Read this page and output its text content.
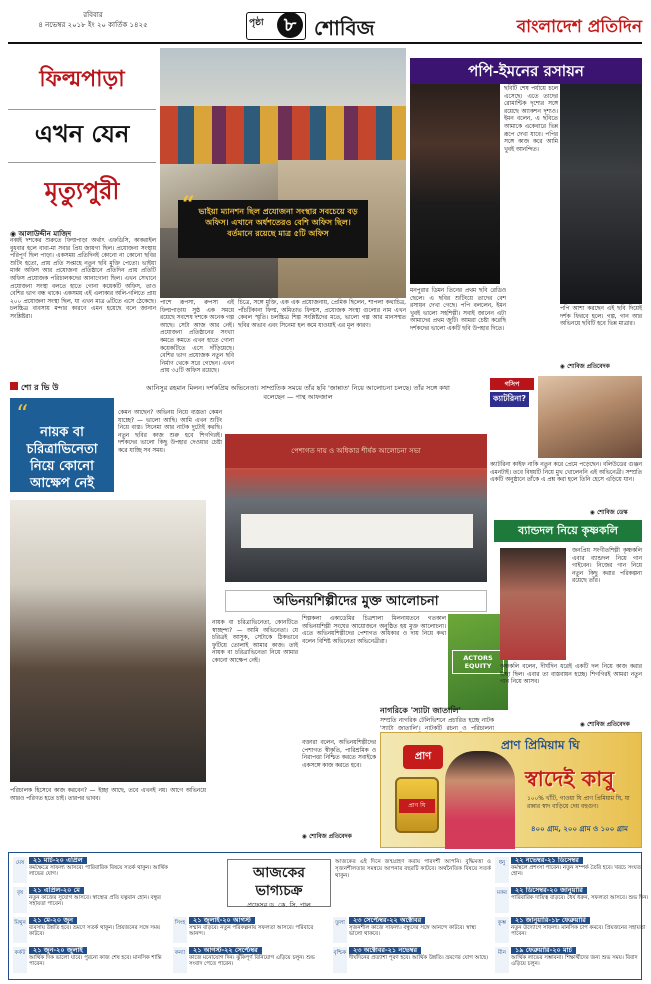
রবিবার
৪ নভেম্বর ২০১৮ ইং ২০ কার্তিক ১৪২৫	পৃষ্ঠা	৮ শোবিজ	বাংলাদেশ প্রতিদিন
ফিল্মপাড়া
এখন যেন
মৃত্যুপুরী	“ ভাইয়া ম্যানশন ছিল প্রযোজনা সংস্থার সবচেয়ে বড় অফিস। এখানে অর্ধশতেরও বেশি অফিস ছিল। বর্তমানে রয়েছে মাত্র ৫টি অফিস
◉ আলাউদ্দীন মাজিদ
নব্বই দশকের শুরুতে ফিল্মপাড়া অর্থাৎ এফডিসি, কাকরাইল বুধবার হলে বাবা-মা সবার প্রিয় জায়গা ছিল। প্রযোজনা সংস্থায় পরিপূর্ণ ছিল পাড়া। একসময় প্রতিদিনই কোনো না কোনো ছবির শুটিং হতো, প্রায় প্রতি সপ্তাহে নতুন ছবি মুক্তি পেতো। ভাইয়া মার্কা অফিস আর প্রযোজনা প্রতিষ্ঠানে প্রতিদিন প্রায় প্রতিটি অফিস প্রযোজক পরিচালকদের আনাগোনা ছিল। এখন সেখানে প্রযোজনা সংস্থা বলতে হাতে গোনা কয়েকটি অফিস, তাও বেশির ভাগ বন্ধ থাকে। একসময় এই এলাকার অলি-গলিতে প্রায় ২০০ প্রযোজনা সংস্থা ছিল, যা এখন মাত্র ৬টিতে এসে ঠেকেছে। চলচ্চিত্র ব্যবসায় মন্দার কারণে এমন হয়েছে বলে জানান সংশ্লিষ্টরা।
পাশে রূপসা, রুপসা এই ফিল্মপাড়ায় সুষ্ঠ এক সময়ে রয়েছে সবশেষ দশকে অনেক গল্প আছে। সেটা আজ আর নেই। প্রযোজনা প্রতিষ্ঠানের সংখ্যা কমতে কমতে এখন হাতে গোনা কয়েকটিতে এসে দাঁড়িয়েছে। বেশির ভাগ প্রযোজক নতুন ছবি নির্মাণ থেকে সরে গেছেন। এখন প্রায় ৩৫টি অফিস রয়েছে।
চিত্রে, সঙ্গে মুক্তি, এক এক প্রযোজনায়, প্রেমিক ছিলেন, শাপলা কথাচিত্র, পাঁচটিকানা ফিল্ম, অমিতাভ ফিল্মস, প্রযোজক সংস্থা গুলোর নাম এখন কেবল স্মৃতি। চলচ্চিত্র শিল্প সংশ্লিষ্টদের মতে, ভালো গল্প আর মানসম্মত ছবির অভাব এবং সিনেমা হল কমে যাওয়াই এর মূল কারণ।
পপি-ইমনের রসায়ন
মনপুরার ডিমন তিনের প্রথম ছবি রেডিও ছেলে। এ ছবির শুটিংয়ে তাদের বেশ রসায়ন দেখা গেছে। পপি বললেন, ইমন খুবই ভালো সহশিল্পী। সবাই জানেন এটা আমাদের প্রথম জুটি। আমরা চেষ্টা করেছি দর্শকদের ভালো একটি ছবি উপহার দিতে।
ছবিটি শেষ পর্যায়ে চলে এসেছে। এতে তাদের রোমান্টিক দৃশ্যের সঙ্গে রয়েছে অ্যাকশন দৃশ্যও। ইমন বলেন, এ ছবিতে আমাকে একেবারে ভিন্ন রূপে দেখা যাবে। পপির সঙ্গে কাজ করে আমি খুবই আনন্দিত।
পপি আশা করছেন এই ছবি দিয়েই দর্শক ফিরবে হলে। গল্প, গান আর অভিনয়ে ছবিটি হবে ভিন্ন মাত্রার।
◉ শোবিজ প্রতিবেদক
শো র ভি উ
“
নায়ক বা চরিত্রাভিনেতা নিয়ে কোনো আক্ষেপ নেই
আনিসুর রহমান মিলন। দর্শকপ্রিয় অভিনেতা। সাম্প্রতিক সময়ে তাঁর ছবি 'জান্নাত' নিয়ে আলোচনা চলছে। তাঁর সঙ্গে কথা বলেছেন — পান্থ আফজাল
কেমন আছেন? অভিনয় নিয়ে ব্যস্ততা কেমন যাচ্ছে? — ভালো আছি। আমি এখন শুটিং নিয়ে ব্যস্ত। সিনেমা আর নাটক দুটোই করছি। নতুন ছবির কাজ শুরু হবে শিগগিরই। দর্শকদের ভালো কিছু উপহার দেওয়ার চেষ্টা করে যাচ্ছি সব সময়।
নায়ক বা চরিত্রাভিনেতা, কোনটিতে স্বাচ্ছন্দ্য? — আমি অভিনেতা। যে চরিত্রই আসুক, সেটাকে ঠিকভাবে ফুটিয়ে তোলাই আমার কাজ। তাই নায়ক বা চরিত্রাভিনেতা নিয়ে আমার কোনো আক্ষেপ নেই।
পরিচালক হিসেবে কাজ করবেন? — ইচ্ছা আছে, তবে এখনই নয়। আগে অভিনয়ে আরও পরিণত হতে চাই। তারপর ভাবব।
পেশাগত দায় ও অধিকার শীর্ষক আলোচনা সভা
অভিনয়শিল্পীদের মুক্ত আলোচনা
শিল্পকলা একাডেমির চিত্রশালা মিলনায়তনে গতকাল অভিনয়শিল্পী সংঘের আয়োজনে অনুষ্ঠিত হয় মুক্ত আলোচনা। এতে অভিনয়শিল্পীদের পেশাগত অধিকার ও দায় নিয়ে কথা বলেন বিশিষ্ট অভিনেতা অভিনেত্রীরা।
ACTORS EQUITY
বক্তারা বলেন, অভিনয়শিল্পীদের পেশাগত স্বীকৃতি, পারিশ্রমিক ও নিরাপত্তা নিশ্চিত করতে সবাইকে একসঙ্গে কাজ করতে হবে।
◉ শোবিজ প্রতিবেদক
গসিপ
ক্যাটরিনা?
ক্যাটরিনা কাইফ নাকি নতুন করে প্রেমে পড়েছেন। বলিউডের গুঞ্জন এমনটাই। তবে বিষয়টি নিয়ে মুখ খোলেননি এই অভিনেত্রী। সম্প্রতি একটি অনুষ্ঠানে তাঁকে এ প্রশ্ন করা হলে তিনি হেসে এড়িয়ে যান।
◉ শোবিজ ডেস্ক
ব্যান্ডদল নিয়ে কৃষ্ণকলি
জনপ্রিয় সংগীতশিল্পী কৃষ্ণকলি এবার ব্যান্ডদল নিয়ে গান গাইবেন। নিজের গান নিয়ে নতুন কিছু করার পরিকল্পনা রয়েছে তাঁর।
কৃষ্ণকলি বলেন, দীর্ঘদিন ধরেই একটি দল নিয়ে কাজ করার ইচ্ছা ছিল। এবার তা বাস্তবায়ন হচ্ছে। শিগগিরই আমরা নতুন গান নিয়ে আসব।
◉ শোবিজ প্রতিবেদক
নাগরিকে 'স্যাটা জাতালি'
সম্প্রতি নাগরিক টেলিভিশনে প্রচারিত হচ্ছে নাটক 'স্যাটা জাতালি'। নাটকটি রচনা ও পরিচালনা
প্রাণ
প্রাণ প্রিমিয়াম ঘি
প্রাণ ঘি
স্বাদেই কাবু
১০০% খাঁটি, গাওয়া ঘি প্রাণ প্রিমিয়াম ঘি, যা রান্নার স্বাদ বাড়িয়ে দেয় বহুগুণ।
৪০০ গ্রাম, ২০০ গ্রাম ও ১০০ গ্রাম
আজকের ভাগ্যচক্র
প্রফেসর ড. কে. সি. পাল
আজকের এই দিনে জন্মগ্রহণ করায় পারদর্শী আপনি। বুদ্ধিমত্তা ও সৃজনশীলতার সমন্বয়ে আপনার বছরটি কাটবে। অর্থনৈতিক বিষয়ে সতর্ক থাকুন।
মেষ	২১ মার্চ-২০ এপ্রিল
কর্মক্ষেত্রে সাফল্য আসবে। পারিবারিক বিষয়ে সতর্ক থাকুন। আর্থিক লাভের যোগ।
বৃষ	২১ এপ্রিল-২০ মে
নতুন কাজের সুযোগ আসবে। স্বাস্থ্যের প্রতি যত্নবান হোন। বন্ধুর সহায়তা পাবেন।
মিথুন	২১ মে-২০ জুন
ব্যবসায় উন্নতি হবে। ভ্রমণে সতর্ক থাকুন। প্রিয়জনের সঙ্গে সময় কাটবে।
কর্কট	২১ জুন-২০ জুলাই
আর্থিক দিক ভালো যাবে। পুরনো কাজ শেষ হবে। মানসিক শান্তি পাবেন।
সিংহ	২১ জুলাই-২০ আগস্ট
সম্মান বাড়বে। নতুন পরিকল্পনায় সফলতা আসবে। পরিবারে আনন্দ।
কন্যা	২১ আগস্ট-২২ সেপ্টেম্বর
কাজে মনোযোগ দিন। ঝুঁকিপূর্ণ বিনিয়োগ এড়িয়ে চলুন। শুভ সংবাদ পেতে পারেন।
তুলা	২৩ সেপ্টেম্বর-২২ অক্টোবর
সৃজনশীল কাজে সাফল্য। বন্ধুদের সঙ্গে আনন্দে কাটবে। স্বাস্থ্য ভালো থাকবে।
বৃশ্চিক	২৩ অক্টোবর-২১ নভেম্বর
দীর্ঘদিনের প্রত্যাশা পূরণ হবে। আর্থিক উন্নতি। ভ্রমণের যোগ আছে।
ধনু	২২ নভেম্বর-২১ ডিসেম্বর
কর্মস্থলে প্রশংসা পাবেন। নতুন সম্পর্ক তৈরি হবে। খরচে সংযত হোন।
মকর	২২ ডিসেম্বর-২০ জানুয়ারি
পারিবারিক দায়িত্ব বাড়বে। ধৈর্য ধরুন, সফলতা আসবে। শুভ দিন।
কুম্ভ	২১ জানুয়ারি-১৮ ফেব্রুয়ারি
নতুন উদ্যোগে সাফল্য। মানসিক চাপ কমবে। প্রিয়জনের সহায়তা পাবেন।
মীন	১৯ ফেব্রুয়ারি-২০ মার্চ
আর্থিক লাভের সম্ভাবনা। শিক্ষার্থীদের জন্য শুভ সময়। বিবাদ এড়িয়ে চলুন।
